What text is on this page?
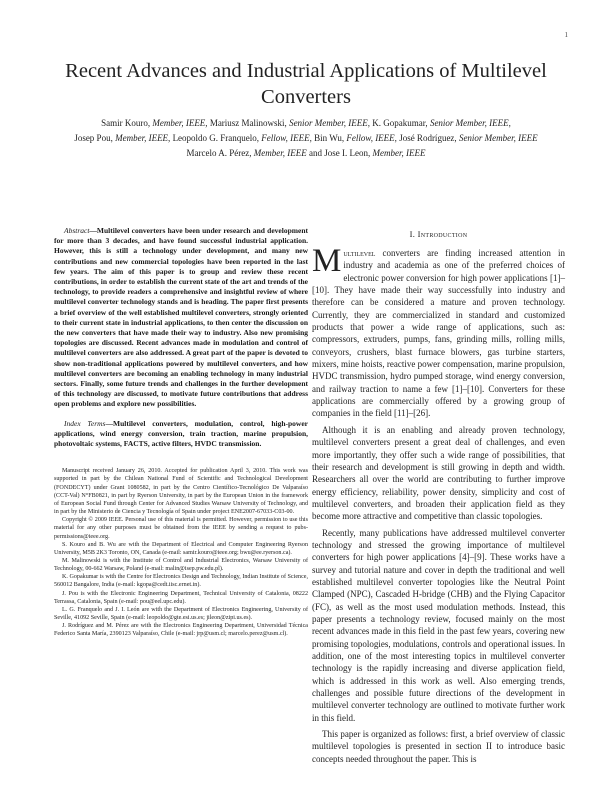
1
Recent Advances and Industrial Applications of Multilevel Converters
Samir Kouro, Member, IEEE, Mariusz Malinowski, Senior Member, IEEE, K. Gopakumar, Senior Member, IEEE,
Josep Pou, Member, IEEE, Leopoldo G. Franquelo, Fellow, IEEE, Bin Wu, Fellow, IEEE, José Rodríguez, Senior Member, IEEE
Marcelo A. Pérez, Member, IEEE and Jose I. Leon, Member, IEEE

Abstract—Multilevel converters have been under research and development for more than 3 decades, and have found successful industrial application. However, this is still a technology under development, and many new contributions and new commercial topologies have been reported in the last few years. The aim of this paper is to group and review these recent contributions, in order to establish the current state of the art and trends of the technology, to provide readers a comprehensive and insightful review of where multilevel converter technology stands and is heading. The paper first presents a brief overview of the well established multilevel converters, strongly oriented to their current state in industrial applications, to then center the discussion on the new converters that have made their way to industry. Also new promising topologies are discussed. Recent advances made in modulation and control of multilevel converters are also addressed. A great part of the paper is devoted to show non-traditional applications powered by multilevel converters, and how multilevel converters are becoming an enabling technology in many industrial sectors. Finally, some future trends and challenges in the further development of this technology are discussed, to motivate future contributions that address open problems and explore new possibilities.

Index Terms—Multilevel converters, modulation, control, high-power applications, wind energy conversion, train traction, marine propulsion, photovoltaic systems, FACTS, active filters, HVDC transmission.

Manuscript received January 26, 2010. Accepted for publication April 3, 2010. This work was supported in part by the Chilean National Fund of Scientific and Technological Development (FONDECYT) under Grant 1080582, in part by the Centro Científico-Tecnológico De Valparaíso (CCT-Val) N°FB0821, in part by Ryerson University, in part by the European Union in the framework of European Social Fund through Center for Advanced Studies Warsaw University of Technology, and in part by the Ministerio de Ciencia y Tecnología of Spain under project ENE2007-67033-C03-00.

Copyright © 2009 IEEE. Personal use of this material is permitted. However, permission to use this material for any other purposes must be obtained from the IEEE by sending a request to pubs-permissions@ieee.org.

S. Kouro and B. Wu are with the Department of Electrical and Computer Engineering Ryerson University, M5B 2K3 Toronto, ON, Canada (e-mail: samir.kouro@ieee.org; bwu@ee.ryerson.ca).

M. Malinowski is with the Institute of Control and Industrial Electronics, Warsaw University of Technology, 00-662 Warsaw, Poland (e-mail: malin@isep.pw.edu.pl).

K. Gopakumar is with the Centre for Electronics Design and Technology, Indian Institute of Science, 560012 Bangalore, India (e-mail: kgopa@cedt.iisc.ernet.in).

J. Pou is with the Electronic Engineering Department, Technical University of Catalonia, 08222 Terrassa, Catalonia, Spain (e-mail: pou@eel.upc.edu).

L. G. Franquelo and J. I. León are with the Department of Electronics Engineering, University of Seville, 41092 Seville, Spain (e-mail: leopoldo@gte.esi.us.es; jileon@zipi.us.es).

J. Rodríguez and M. Pérez are with the Electronics Engineering Department, Universidad Técnica Federico Santa María, 2390123 Valparaíso, Chile (e-mail: jrp@usm.cl; marcelo.perez@usm.cl).

I. Introduction

Multilevel converters are finding increased attention in industry and academia as one of the preferred choices of electronic power conversion for high power applications [1]–[10]. They have made their way successfully into industry and therefore can be considered a mature and proven technology. Currently, they are commercialized in standard and customized products that power a wide range of applications, such as: compressors, extruders, pumps, fans, grinding mills, rolling mills, conveyors, crushers, blast furnace blowers, gas turbine starters, mixers, mine hoists, reactive power compensation, marine propulsion, HVDC transmission, hydro pumped storage, wind energy conversion, and railway traction to name a few [1]–[10]. Converters for these applications are commercially offered by a growing group of companies in the field [11]–[26].

Although it is an enabling and already proven technology, multilevel converters present a great deal of challenges, and even more importantly, they offer such a wide range of possibilities, that their research and development is still growing in depth and width. Researchers all over the world are contributing to further improve energy efficiency, reliability, power density, simplicity and cost of multilevel converters, and broaden their application field as they become more attractive and competitive than classic topologies.

Recently, many publications have addressed multilevel converter technology and stressed the growing importance of multilevel converters for high power applications [4]–[9]. These works have a survey and tutorial nature and cover in depth the traditional and well established multilevel converter topologies like the Neutral Point Clamped (NPC), Cascaded H-bridge (CHB) and the Flying Capacitor (FC), as well as the most used modulation methods. Instead, this paper presents a technology review, focused mainly on the most recent advances made in this field in the past few years, covering new promising topologies, modulations, controls and operational issues. In addition, one of the most interesting topics in multilevel converter technology is the rapidly increasing and diverse application field, which is addressed in this work as well. Also emerging trends, challenges and possible future directions of the development in multilevel converter technology are outlined to motivate further work in this field.

This paper is organized as follows: first, a brief overview of classic multilevel topologies is presented in section II to introduce basic concepts needed throughout the paper. This is
